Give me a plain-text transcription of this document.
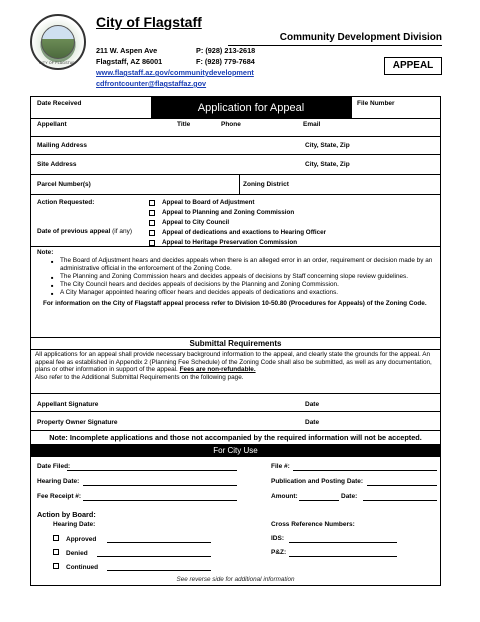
CITY OF FLAGSTAFF
City of Flagstaff
Community Development Division
211 W. Aspen Ave
Flagstaff, AZ 86001
P: (928) 213-2618
F: (928) 779-7684
www.flagstaff.az.gov/communitydevelopment
cdfrontcounter@flagstaffaz.gov
APPEAL
Date Received	Application for Appeal	File Number
Appellant	Title	Phone	Email
Mailing Address	City, State, Zip
Site Address	City, State, Zip
Parcel Number(s)	Zoning District
Action Requested:
Date of previous appeal (if any)
Appeal to Board of Adjustment
Appeal to Planning and Zoning Commission
Appeal to City Council
Appeal of dedications and exactions to Hearing Officer
Appeal to Heritage Preservation Commission
Note:
■ The Board of Adjustment hears and decides appeals when there is an alleged error in an order, requirement or decision made by an administrative official in the enforcement of the Zoning Code.
■ The Planning and Zoning Commission hears and decides appeals of decisions by Staff concerning slope review guidelines.
■ The City Council hears and decides appeals of decisions by the Planning and Zoning Commission.
■ A City Manager appointed hearing officer hears and decides appeals of dedications and exactions.
For information on the City of Flagstaff appeal process refer to Division 10-50.80 (Procedures for Appeals) of the Zoning Code.
Submittal Requirements
All applications for an appeal shall provide necessary background information to the appeal, and clearly state the grounds for the appeal. An appeal fee as established in Appendix 2 (Planning Fee Schedule) of the Zoning Code shall also be submitted, as well as any documentation, plans or other information in support of the appeal. Fees are non-refundable.
Also refer to the Additional Submittal Requirements on the following page.
Appellant Signature	Date
Property Owner Signature	Date
Note: Incomplete applications and those not accompanied by the required information will not be accepted.
For City Use
Date Filed:	File #:
Hearing Date:	Publication and Posting Date:
Fee Receipt #:	Amount:	Date:
Action by Board:
Hearing Date:	Cross Reference Numbers:
Approved	IDS:
Denied	P&Z:
Continued
See reverse side for additional information
